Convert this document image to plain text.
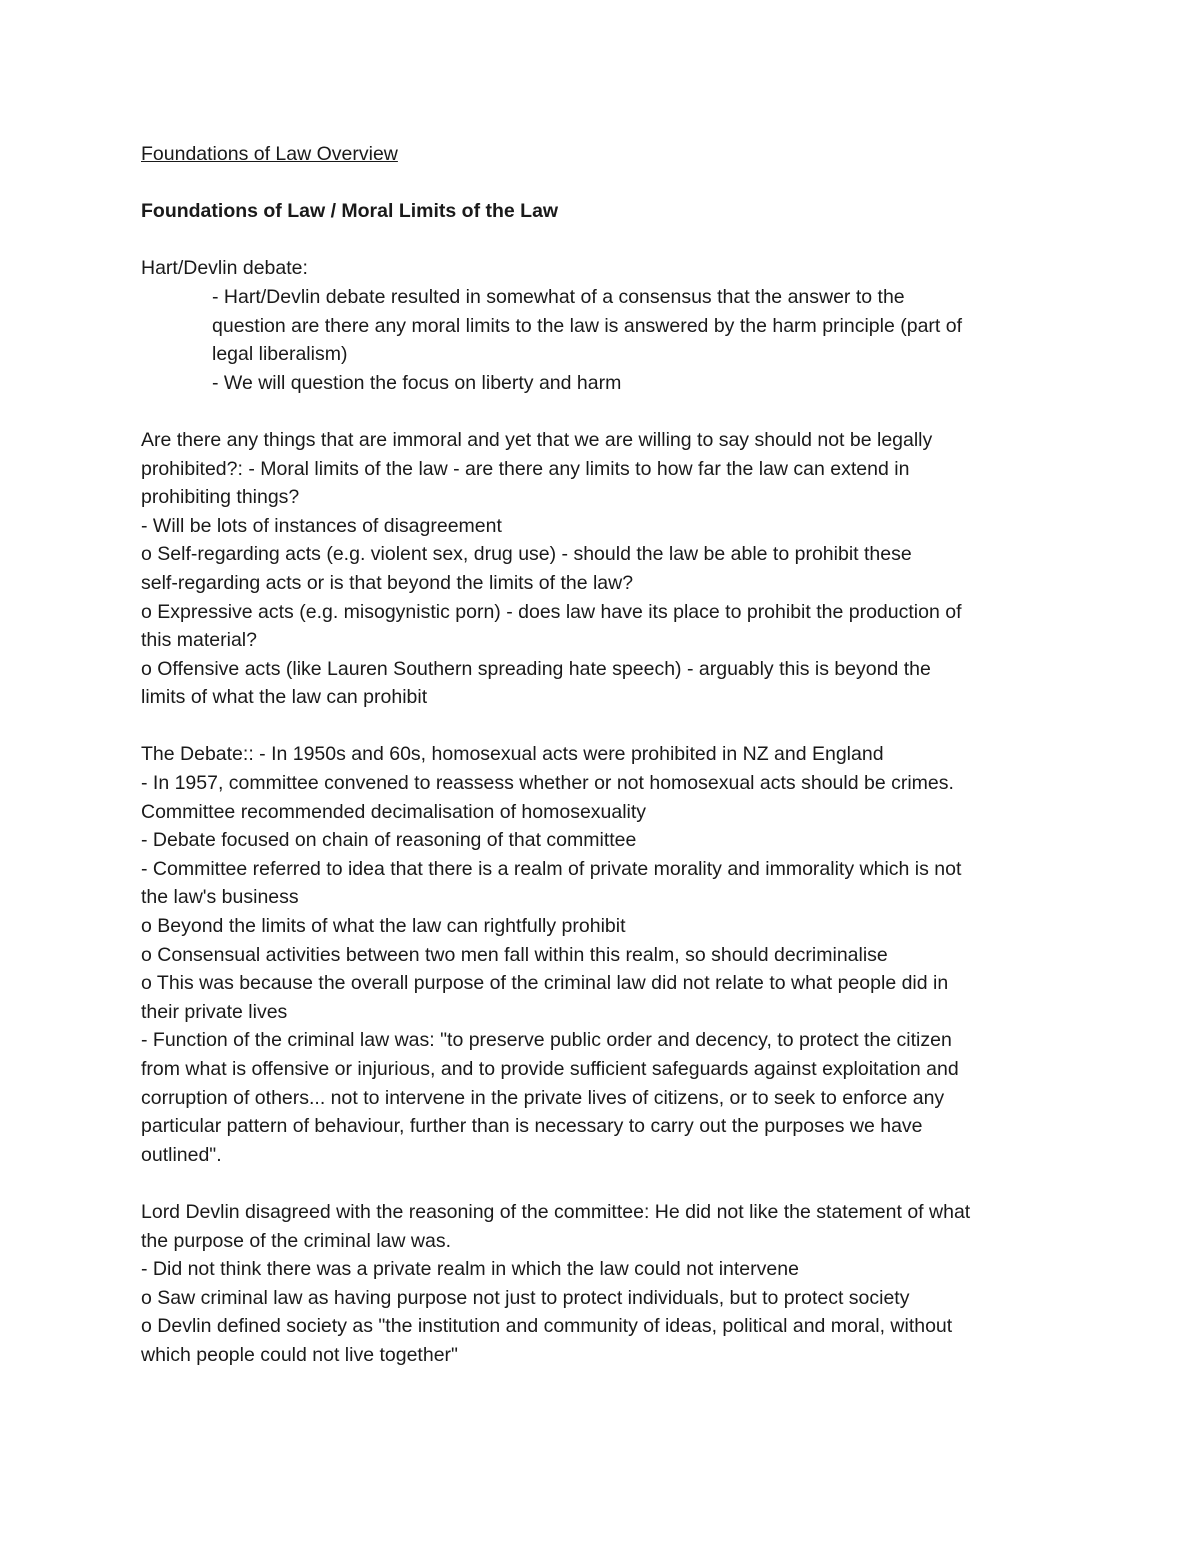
Foundations of Law Overview

Foundations of Law / Moral Limits of the Law

Hart/Devlin debate:

- Hart/Devlin debate resulted in somewhat of a consensus that the answer to the

question are there any moral limits to the law is answered by the harm principle (part of

legal liberalism)

- We will question the focus on liberty and harm

Are there any things that are immoral and yet that we are willing to say should not be legally

prohibited?: - Moral limits of the law - are there any limits to how far the law can extend in

prohibiting things?

- Will be lots of instances of disagreement

o Self-regarding acts (e.g. violent sex, drug use) - should the law be able to prohibit these

self-regarding acts or is that beyond the limits of the law?

o Expressive acts (e.g. misogynistic porn) - does law have its place to prohibit the production of

this material?

o Offensive acts (like Lauren Southern spreading hate speech) - arguably this is beyond the

limits of what the law can prohibit

The Debate:: - In 1950s and 60s, homosexual acts were prohibited in NZ and England

- In 1957, committee convened to reassess whether or not homosexual acts should be crimes.

Committee recommended decimalisation of homosexuality

- Debate focused on chain of reasoning of that committee

- Committee referred to idea that there is a realm of private morality and immorality which is not

the law's business

o Beyond the limits of what the law can rightfully prohibit

o Consensual activities between two men fall within this realm, so should decriminalise

o This was because the overall purpose of the criminal law did not relate to what people did in

their private lives

- Function of the criminal law was: "to preserve public order and decency, to protect the citizen

from what is offensive or injurious, and to provide sufficient safeguards against exploitation and

corruption of others... not to intervene in the private lives of citizens, or to seek to enforce any

particular pattern of behaviour, further than is necessary to carry out the purposes we have

outlined".

Lord Devlin disagreed with the reasoning of the committee: He did not like the statement of what

the purpose of the criminal law was.

- Did not think there was a private realm in which the law could not intervene

o Saw criminal law as having purpose not just to protect individuals, but to protect society

o Devlin defined society as "the institution and community of ideas, political and moral, without

which people could not live together"
